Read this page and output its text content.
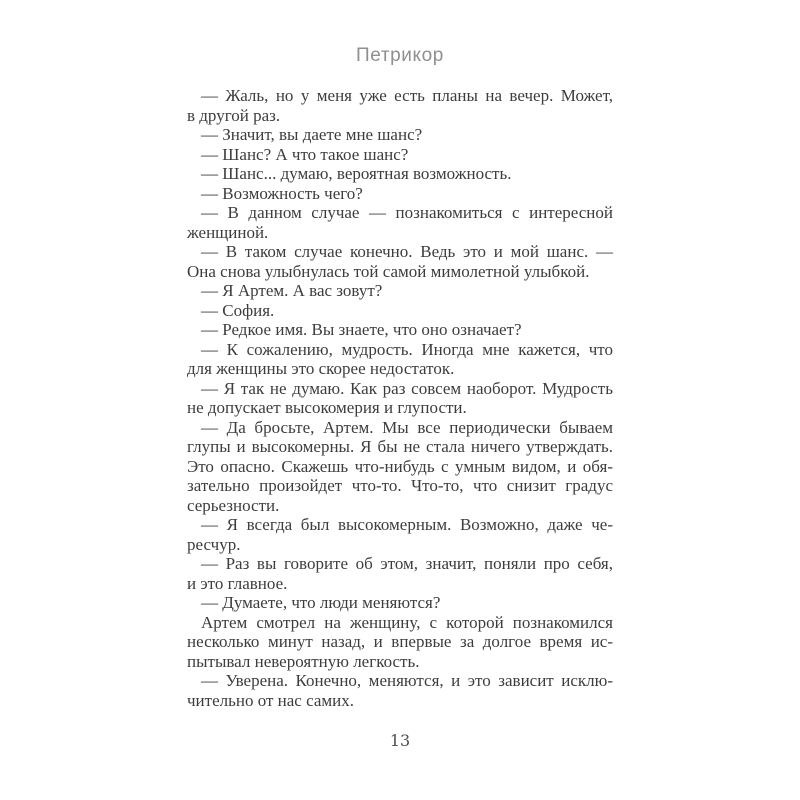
Петрикор
— Жаль, но у меня уже есть планы на вечер. Может,
в другой раз.
— Значит, вы даете мне шанс?
— Шанс? А что такое шанс?
— Шанс... думаю, вероятная возможность.
— Возможность чего?
— В данном случае — познакомиться с интересной
женщиной.
— В таком случае конечно. Ведь это и мой шанс. —
Она снова улыбнулась той самой мимолетной улыбкой.
— Я Артем. А вас зовут?
— София.
— Редкое имя. Вы знаете, что оно означает?
— К сожалению, мудрость. Иногда мне кажется, что
для женщины это скорее недостаток.
— Я так не думаю. Как раз совсем наоборот. Мудрость
не допускает высокомерия и глупости.
— Да бросьте, Артем. Мы все периодически бываем
глупы и высокомерны. Я бы не стала ничего утверждать.
Это опасно. Скажешь что-нибудь с умным видом, и обя-
зательно произойдет что-то. Что-то, что снизит градус
серьезности.
— Я всегда был высокомерным. Возможно, даже че-
ресчур.
— Раз вы говорите об этом, значит, поняли про себя,
и это главное.
— Думаете, что люди меняются?
Артем смотрел на женщину, с которой познакомился
несколько минут назад, и впервые за долгое время ис-
пытывал невероятную легкость.
— Уверена. Конечно, меняются, и это зависит исклю-
чительно от нас самих.
13
